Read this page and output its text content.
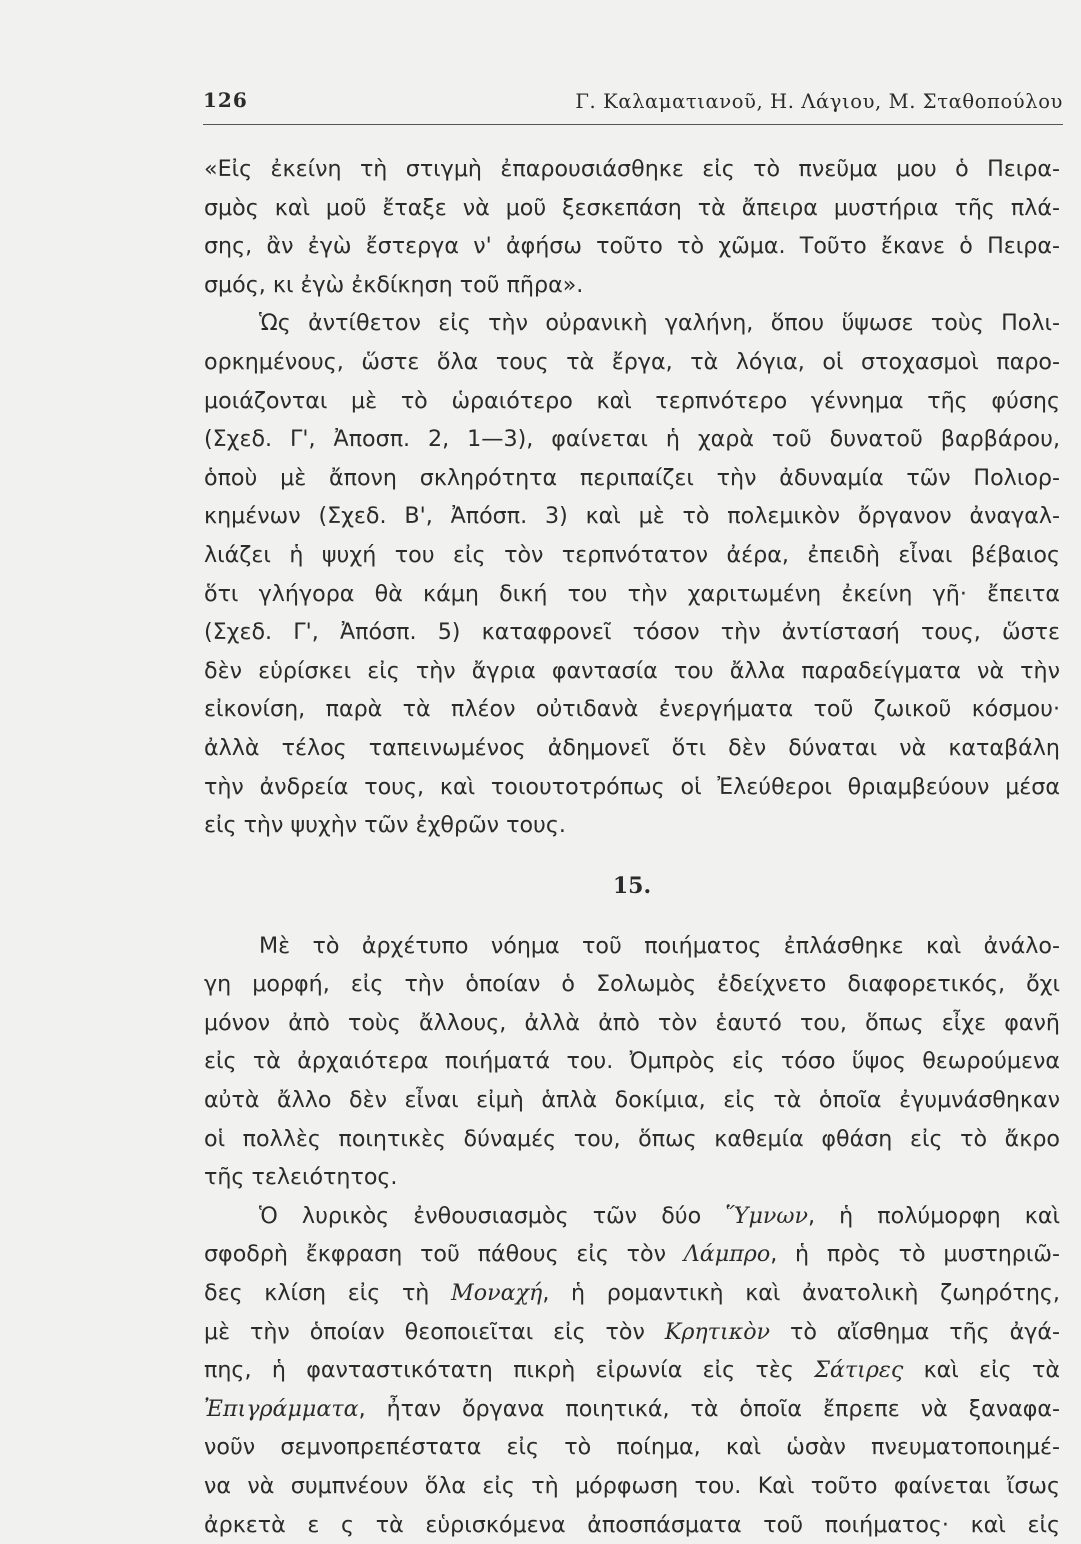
126	Γ. Καλαματιανοῦ, Η. Λάγιου, Μ. Σταθοπούλου
«Εἰς ἐκείνη τὴ στιγμὴ ἐπαρουσιάσθηκε εἰς τὸ πνεῦμα μου ὁ Πειρα-
σμὸς καὶ μοῦ ἔταξε νὰ μοῦ ξεσκεπάση τὰ ἄπειρα μυστήρια τῆς πλά-
σης, ἂν ἐγὼ ἔστεργα ν' ἀφήσω τοῦτο τὸ χῶμα. Τοῦτο ἔκανε ὁ Πειρα-
σμός, κι ἐγὼ ἐκδίκηση τοῦ πῆρα».
Ὡς ἀντίθετον εἰς τὴν οὐρανικὴ γαλήνη, ὅπου ὕψωσε τοὺς Πολι-
ορκημένους, ὥστε ὅλα τους τὰ ἔργα, τὰ λόγια, οἱ στοχασμοὶ παρο-
μοιάζονται μὲ τὸ ὡραιότερο καὶ τερπνότερο γέννημα τῆς φύσης
(Σχεδ. Γ', Ἀποσπ. 2, 1—3), φαίνεται ἡ χαρὰ τοῦ δυνατοῦ βαρβάρου,
ὁποὺ μὲ ἄπονη σκληρότητα περιπαίζει τὴν ἀδυναμία τῶν Πολιορ-
κημένων (Σχεδ. Β', Ἀπόσπ. 3) καὶ μὲ τὸ πολεμικὸν ὄργανον ἀναγαλ-
λιάζει ἡ ψυχή του εἰς τὸν τερπνότατον ἀέρα, ἐπειδὴ εἶναι βέβαιος
ὅτι γλήγορα θὰ κάμη δική του τὴν χαριτωμένη ἐκείνη γῆ· ἔπειτα
(Σχεδ. Γ', Ἀπόσπ. 5) καταφρονεῖ τόσον τὴν ἀντίστασή τους, ὥστε
δὲν εὑρίσκει εἰς τὴν ἄγρια φαντασία του ἄλλα παραδείγματα νὰ τὴν
εἰκονίση, παρὰ τὰ πλέον οὐτιδανὰ ἐνεργήματα τοῦ ζωικοῦ κόσμου·
ἀλλὰ τέλος ταπεινωμένος ἀδημονεῖ ὅτι δὲν δύναται νὰ καταβάλη
τὴν ἀνδρεία τους, καὶ τοιουτοτρόπως οἱ Ἐλεύθεροι θριαμβεύουν μέσα
εἰς τὴν ψυχὴν τῶν ἐχθρῶν τους.
15.
Μὲ τὸ ἀρχέτυπο νόημα τοῦ ποιήματος ἐπλάσθηκε καὶ ἀνάλο-
γη μορφή, εἰς τὴν ὁποίαν ὁ Σολωμὸς ἐδείχνετο διαφορετικός, ὄχι
μόνον ἀπὸ τοὺς ἄλλους, ἀλλὰ ἀπὸ τὸν ἑαυτό του, ὅπως εἶχε φανῆ
εἰς τὰ ἀρχαιότερα ποιήματά του. Ὀμπρὸς εἰς τόσο ὕψος θεωρούμενα
αὐτὰ ἄλλο δὲν εἶναι εἰμὴ ἁπλὰ δοκίμια, εἰς τὰ ὁποῖα ἐγυμνάσθηκαν
οἱ πολλὲς ποιητικὲς δύναμές του, ὅπως καθεμία φθάση εἰς τὸ ἄκρο
τῆς τελειότητος.
Ὁ λυρικὸς ἐνθουσιασμὸς τῶν δύο Ὕμνων, ἡ πολύμορφη καὶ
σφοδρὴ ἔκφραση τοῦ πάθους εἰς τὸν Λάμπρο, ἡ πρὸς τὸ μυστηριῶ-
δες κλίση εἰς τὴ Μοναχή, ἡ ρομαντικὴ καὶ ἀνατολικὴ ζωηρότης,
μὲ τὴν ὁποίαν θεοποιεῖται εἰς τὸν Κρητικὸν τὸ αἴσθημα τῆς ἀγά-
πης, ἡ φανταστικότατη πικρὴ εἰρωνία εἰς τὲς Σάτιρες καὶ εἰς τὰ
Ἐπιγράμματα, ἦταν ὄργανα ποιητικά, τὰ ὁποῖα ἔπρεπε νὰ ξαναφα-
νοῦν σεμνοπρεπέστατα εἰς τὸ ποίημα, καὶ ὡσὰν πνευματοποιημέ-
να νὰ συμπνέουν ὅλα εἰς τὴ μόρφωση του. Καὶ τοῦτο φαίνεται ἴσως
ἀρκετὰ ε ς τὰ εὑρισκόμενα ἀποσπάσματα τοῦ ποιήματος· καὶ εἰς
